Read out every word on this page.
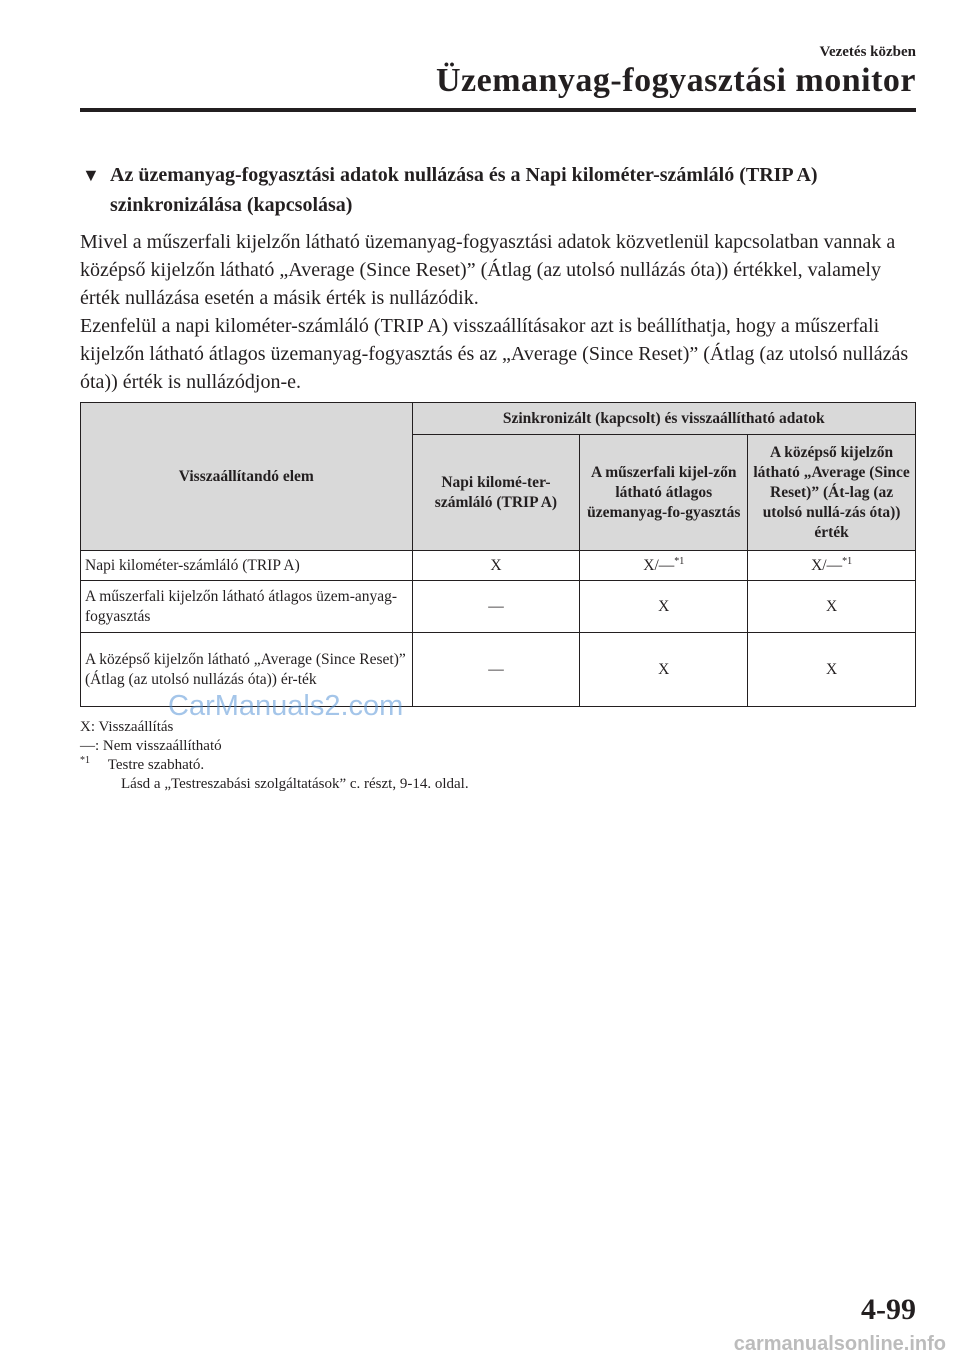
Vezetés közben
Üzemanyag-fogyasztási monitor
▼ Az üzemanyag-fogyasztási adatok nullázása és a Napi kilométer-számláló (TRIP A) szinkronizálása (kapcsolása)
Mivel a műszerfali kijelzőn látható üzemanyag-fogyasztási adatok közvetlenül kapcsolatban vannak a középső kijelzőn látható „Average (Since Reset)” (Átlag (az utolsó nullázás óta)) értékkel, valamely érték nullázása esetén a másik érték is nullázódik.
Ezenfelül a napi kilométer-számláló (TRIP A) visszaállításakor azt is beállíthatja, hogy a műszerfali kijelzőn látható átlagos üzemanyag-fogyasztás és az „Average (Since Reset)” (Átlag (az utolsó nullázás óta)) érték is nullázódjon-e.
Visszaállítandó elem	Szinkronizált (kapcsolt) és visszaállítható adatok		
	Napi kilomé-ter-számláló (TRIP A)	A műszerfali kijel-zőn látható átlagos üzemanyag-fo-gyasztás	A középső kijelzőn látható „Average (Since Reset)” (Át-lag (az utolsó nullá-zás óta)) érték
Napi kilométer-számláló (TRIP A)	X	X/—$^{*1}$	X/—$^{*1}$
A műszerfali kijelzőn látható átlagos üzem-anyag-fogyasztás	—	X	X
A középső kijelzőn látható „Average (Since Reset)” (Átlag (az utolsó nullázás óta)) ér-ték	—	X	X
X: Visszaállítás
—: Nem visszaállítható
$^{*1}$ Testre szabható.
Lásd a „Testreszabási szolgáltatások” c. részt, 9-14. oldal.
CarManuals2.com
4-99
carmanualsonline.info
